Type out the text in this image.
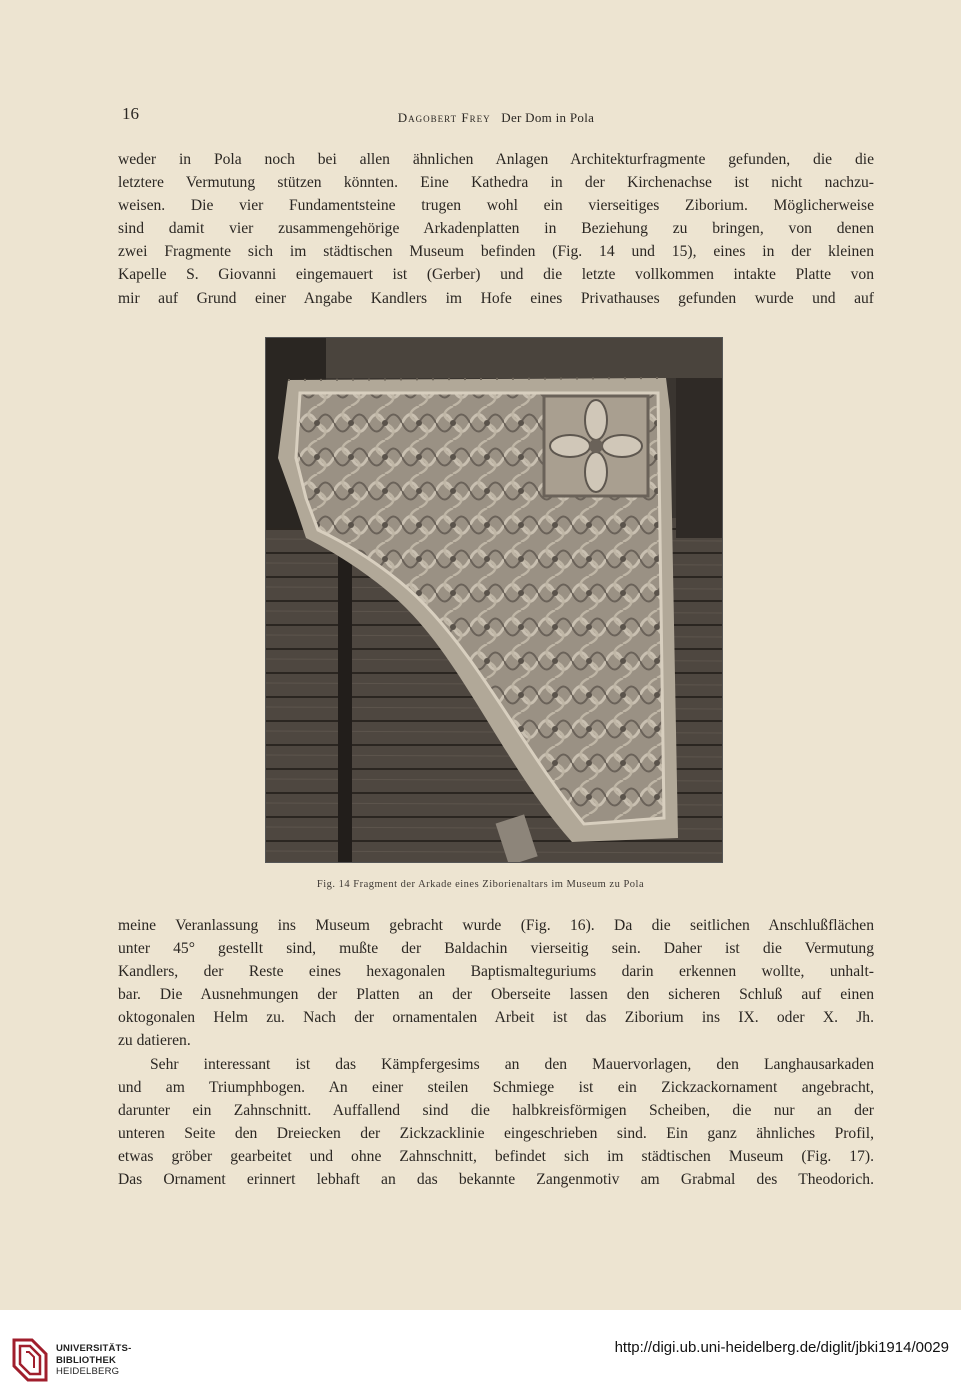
16	Dagobert Frey Der Dom in Pola

weder in Pola noch bei allen ähnlichen Anlagen Architekturfragmente gefunden, die die
letztere Vermutung stützen könnten. Eine Kathedra in der Kirchenachse ist nicht nachzu-
weisen. Die vier Fundamentsteine trugen wohl ein vierseitiges Ziborium. Möglicherweise
sind damit vier zusammengehörige Arkadenplatten in Beziehung zu bringen, von denen
zwei Fragmente sich im städtischen Museum befinden (Fig. 14 und 15), eines in der kleinen
Kapelle S. Giovanni eingemauert ist (Gerber) und die letzte vollkommen intakte Platte von
mir auf Grund einer Angabe Kandlers im Hofe eines Privathauses gefunden wurde und auf

Fig. 14 Fragment der Arkade eines Ziborienaltars im Museum zu Pola

meine Veranlassung ins Museum gebracht wurde (Fig. 16). Da die seitlichen Anschlußflächen
unter 45° gestellt sind, mußte der Baldachin vierseitig sein. Daher ist die Vermutung
Kandlers, der Reste eines hexagonalen Baptismalteguriums darin erkennen wollte, unhalt-
bar. Die Ausnehmungen der Platten an der Oberseite lassen den sicheren Schluß auf einen
oktogonalen Helm zu. Nach der ornamentalen Arbeit ist das Ziborium ins IX. oder X. Jh.
zu datieren.

Sehr interessant ist das Kämpfergesims an den Mauervorlagen, den Langhausarkaden
und am Triumphbogen. An einer steilen Schmiege ist ein Zickzackornament angebracht,
darunter ein Zahnschnitt. Auffallend sind die halbkreisförmigen Scheiben, die nur an der
unteren Seite den Dreiecken der Zickzacklinie eingeschrieben sind. Ein ganz ähnliches Profil,
etwas gröber gearbeitet und ohne Zahnschnitt, befindet sich im städtischen Museum (Fig. 17).
Das Ornament erinnert lebhaft an das bekannte Zangenmotiv am Grabmal des Theodorich.

UNIVERSITÄTS-
BIBLIOTHEK
HEIDELBERG
http://digi.ub.uni-heidelberg.de/diglit/jbki1914/0029
